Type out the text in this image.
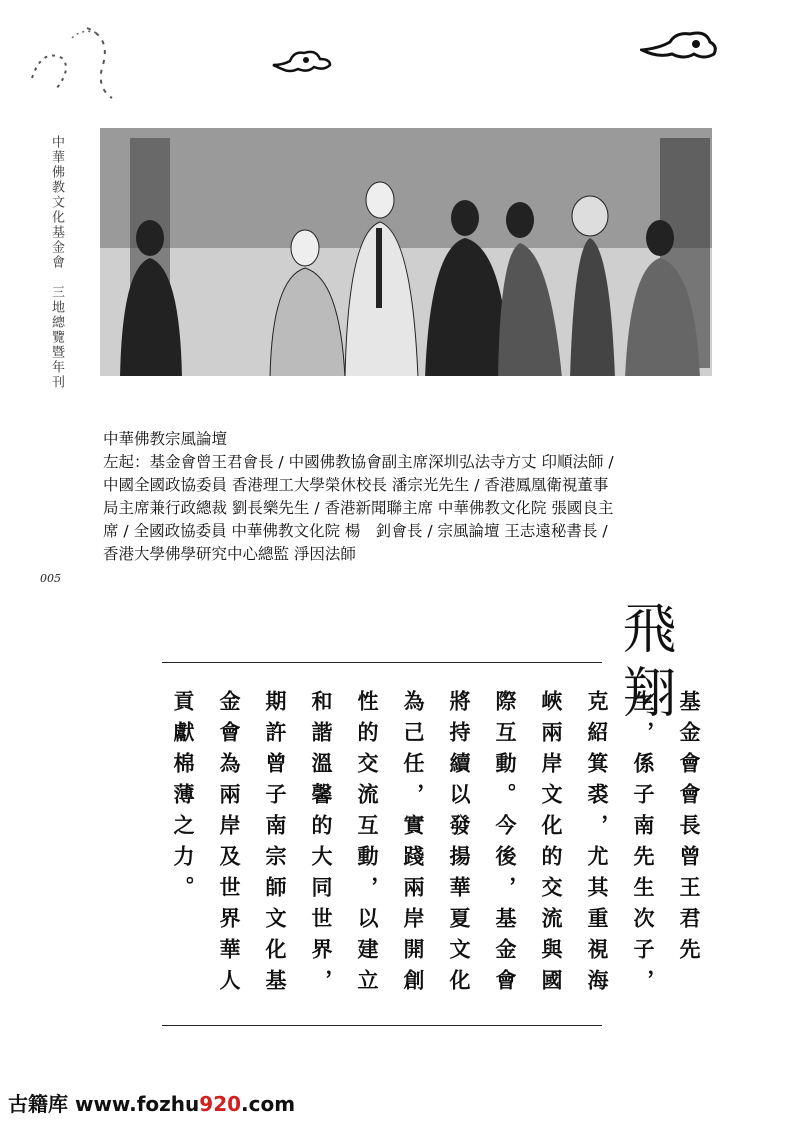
中華佛教文化基金會　三地總覽暨年刊
中華佛教宗風論壇
左起：基金會曾王君會長 / 中國佛教協會副主席深圳弘法寺方丈 印順法師 /
中國全國政協委員 香港理工大學榮休校長 潘宗光先生 / 香港鳳凰衛視董事
局主席兼行政總裁 劉長樂先生 / 香港新聞聯主席 中華佛教文化院 張國良主
席 / 全國政協委員 中華佛教文化院 楊　釗會長 / 宗風論壇 王志遠秘書長 /
香港大學佛學研究中心總監 淨因法師
005
飛翔
基金會會長曾王君先生，係子南先生次子，克紹箕裘，尤其重視海峽兩岸文化的交流與國際互動。今後，基金會將持續以發揚華夏文化為己任，實踐兩岸開創性的交流互動，以建立和諧溫馨的大同世界，期許曾子南宗師文化基金會為兩岸及世界華人貢獻棉薄之力。
古籍库 www.fozhu920.com
